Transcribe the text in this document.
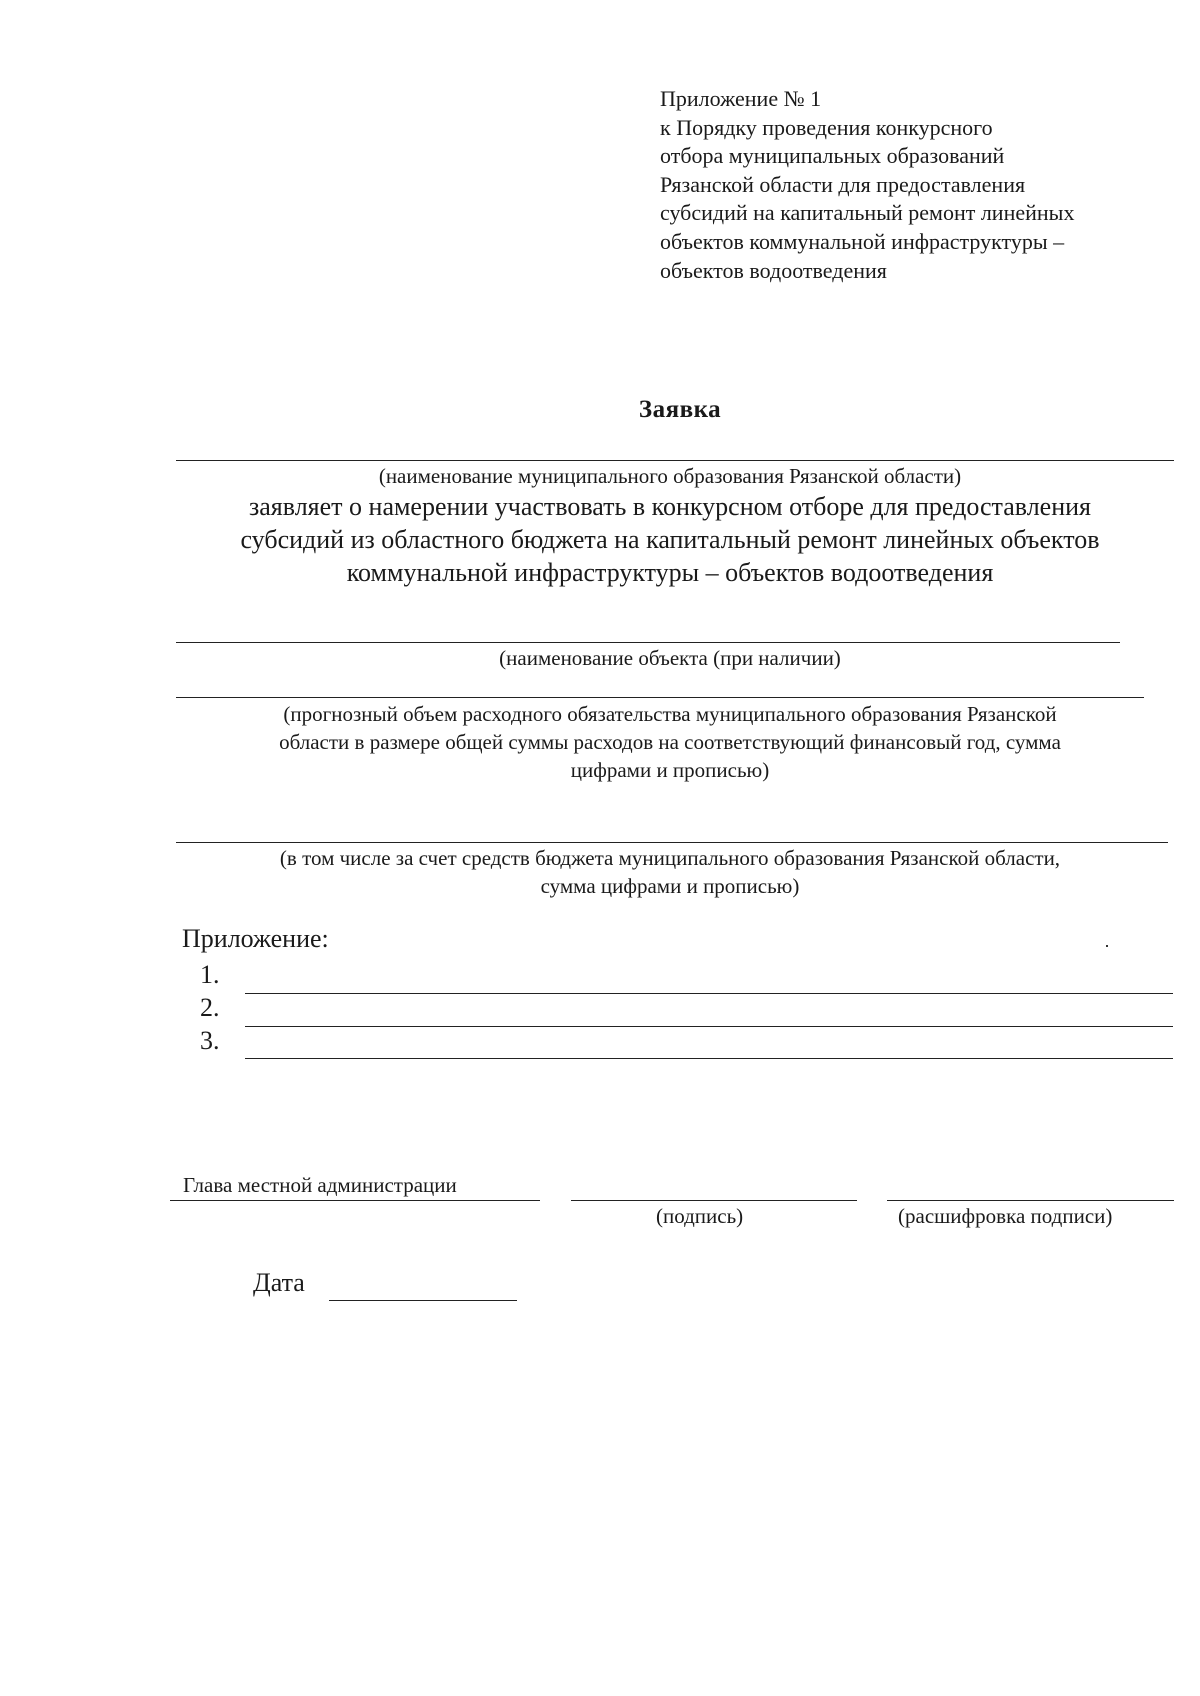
Приложение № 1
к Порядку проведения конкурсного
отбора муниципальных образований
Рязанской области для предоставления
субсидий на капитальный ремонт линейных
объектов коммунальной инфраструктуры –
объектов водоотведения
Заявка
(наименование муниципального образования Рязанской области)
заявляет о намерении участвовать в конкурсном отборе для предоставления
субсидий из областного бюджета на капитальный ремонт линейных объектов
коммунальной инфраструктуры – объектов водоотведения
(наименование объекта (при наличии)
(прогнозный объем расходного обязательства муниципального образования Рязанской
области в размере общей суммы расходов на соответствующий финансовый год, сумма
цифрами и прописью)
(в том числе за счет средств бюджета муниципального образования Рязанской области,
сумма цифрами и прописью)
Приложение:
1.
2.
3.
Глава местной администрации
(подпись)	(расшифровка подписи)
Дата
